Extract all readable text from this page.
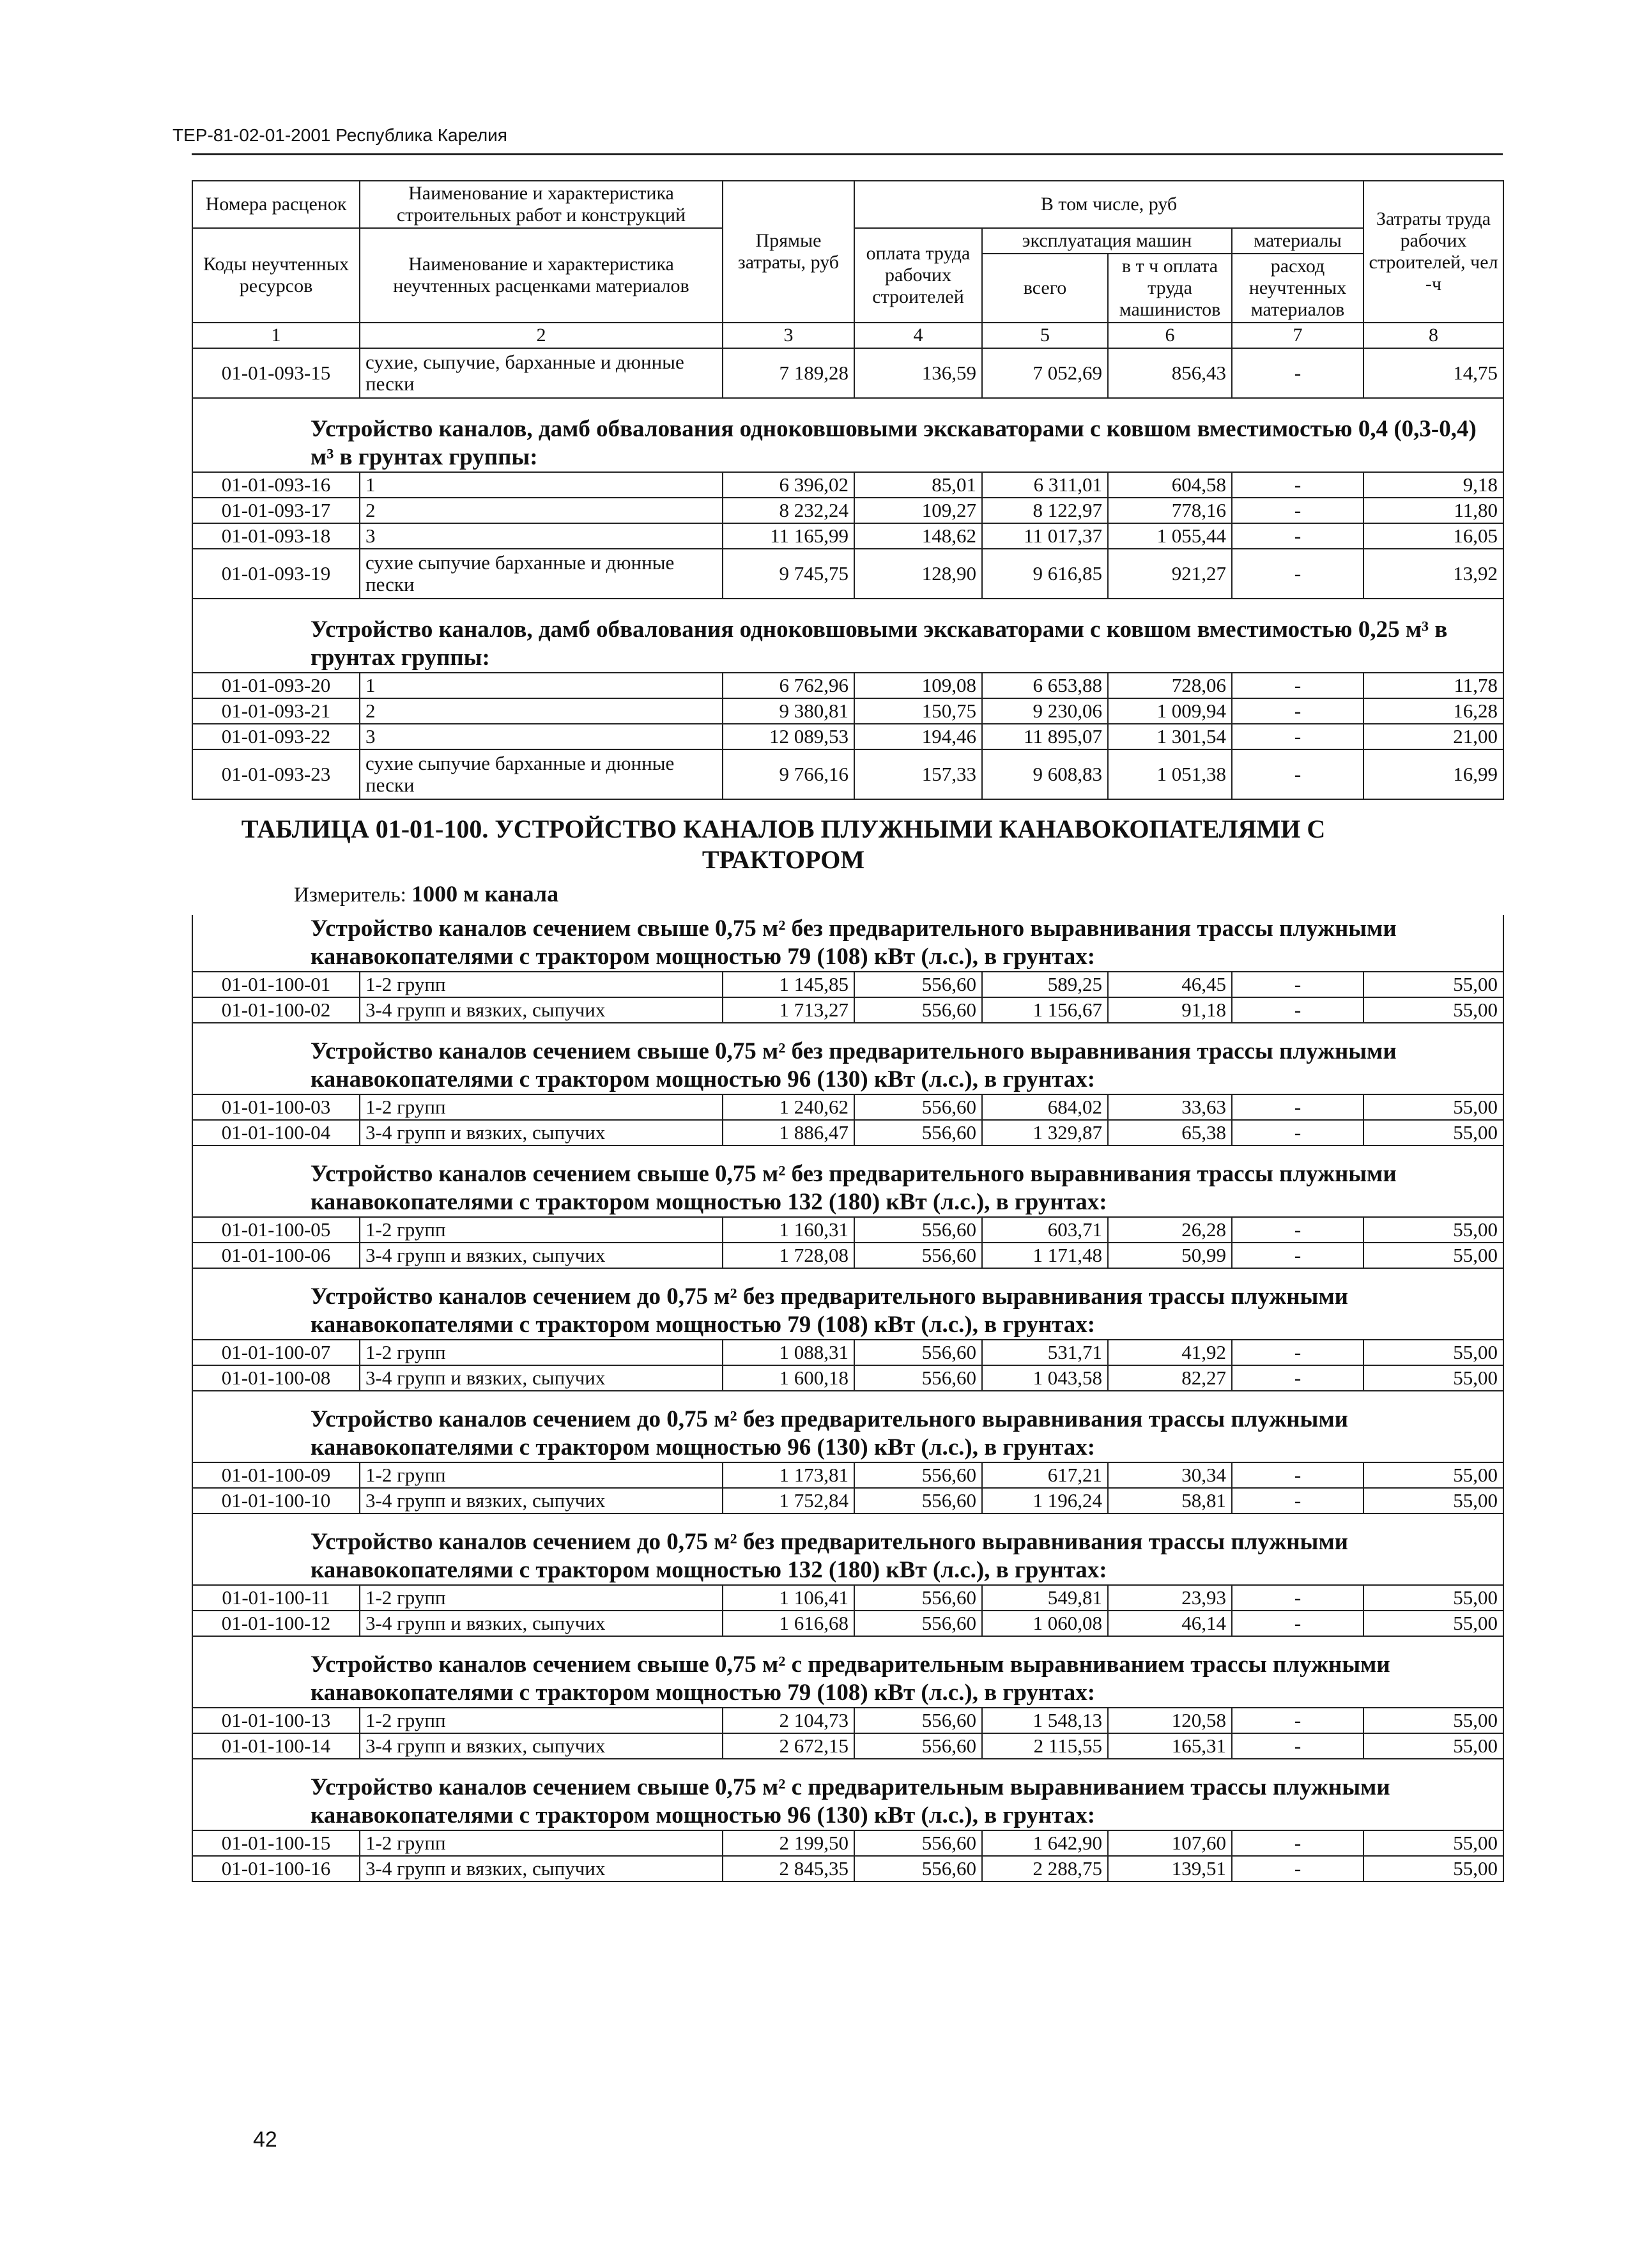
ТЕР-81-02-01-2001 Республика Карелия
Номера расценок	Наименование и характеристика строительных работ и конструкций	Прямые затраты, руб	В том числе, руб				Затраты труда рабочих строителей, чел -ч
Коды неучтенных ресурсов	Наименование и характеристика неучтенных расценками материалов		оплата труда рабочих строителей	эксплуатация машин		материалы	
				всего	в т ч оплата труда машинистов	расход неучтенных материалов	

1	2	3	4	5	6	7	8
01-01-093-15	сухие, сыпучие, барханные и дюнные пески	7 189,28	136,59	7 052,69	856,43	-	14,75
Устройство каналов, дамб обвалования одноковшовыми экскаваторами с ковшом вместимостью 0,4 (0,3-0,4) м³ в грунтах группы:							
01-01-093-16	1	6 396,02	85,01	6 311,01	604,58	-	9,18
01-01-093-17	2	8 232,24	109,27	8 122,97	778,16	-	11,80
01-01-093-18	3	11 165,99	148,62	11 017,37	1 055,44	-	16,05
01-01-093-19	сухие сыпучие барханные и дюнные пески	9 745,75	128,90	9 616,85	921,27	-	13,92
Устройство каналов, дамб обвалования одноковшовыми экскаваторами с ковшом вместимостью 0,25 м³ в грунтах группы:							
01-01-093-20	1	6 762,96	109,08	6 653,88	728,06	-	11,78
01-01-093-21	2	9 380,81	150,75	9 230,06	1 009,94	-	16,28
01-01-093-22	3	12 089,53	194,46	11 895,07	1 301,54	-	21,00
01-01-093-23	сухие сыпучие барханные и дюнные пески	9 766,16	157,33	9 608,83	1 051,38	-	16,99
ТАБЛИЦА 01-01-100. УСТРОЙСТВО КАНАЛОВ ПЛУЖНЫМИ КАНАВОКОПАТЕЛЯМИ С ТРАКТОРОМ
Измеритель: 1000 м канала
Устройство каналов сечением свыше 0,75 м² без предварительного выравнивания трассы плужными канавокопателями с трактором мощностью 79 (108) кВт (л.с.), в грунтах:							
01-01-100-01	1-2 групп	1 145,85	556,60	589,25	46,45	-	55,00
01-01-100-02	3-4 групп и вязких, сыпучих	1 713,27	556,60	1 156,67	91,18	-	55,00
Устройство каналов сечением свыше 0,75 м² без предварительного выравнивания трассы плужными канавокопателями с трактором мощностью 96 (130) кВт (л.с.), в грунтах:							
01-01-100-03	1-2 групп	1 240,62	556,60	684,02	33,63	-	55,00
01-01-100-04	3-4 групп и вязких, сыпучих	1 886,47	556,60	1 329,87	65,38	-	55,00
Устройство каналов сечением свыше 0,75 м² без предварительного выравнивания трассы плужными канавокопателями с трактором мощностью 132 (180) кВт (л.с.), в грунтах:							
01-01-100-05	1-2 групп	1 160,31	556,60	603,71	26,28	-	55,00
01-01-100-06	3-4 групп и вязких, сыпучих	1 728,08	556,60	1 171,48	50,99	-	55,00
Устройство каналов сечением до 0,75 м² без предварительного выравнивания трассы плужными канавокопателями с трактором мощностью 79 (108) кВт (л.с.), в грунтах:							
01-01-100-07	1-2 групп	1 088,31	556,60	531,71	41,92	-	55,00
01-01-100-08	3-4 групп и вязких, сыпучих	1 600,18	556,60	1 043,58	82,27	-	55,00
Устройство каналов сечением до 0,75 м² без предварительного выравнивания трассы плужными канавокопателями с трактором мощностью 96 (130) кВт (л.с.), в грунтах:							
01-01-100-09	1-2 групп	1 173,81	556,60	617,21	30,34	-	55,00
01-01-100-10	3-4 групп и вязких, сыпучих	1 752,84	556,60	1 196,24	58,81	-	55,00
Устройство каналов сечением до 0,75 м² без предварительного выравнивания трассы плужными канавокопателями с трактором мощностью 132 (180) кВт (л.с.), в грунтах:							
01-01-100-11	1-2 групп	1 106,41	556,60	549,81	23,93	-	55,00
01-01-100-12	3-4 групп и вязких, сыпучих	1 616,68	556,60	1 060,08	46,14	-	55,00
Устройство каналов сечением свыше 0,75 м² с предварительным выравниванием трассы плужными канавокопателями с трактором мощностью 79 (108) кВт (л.с.), в грунтах:							
01-01-100-13	1-2 групп	2 104,73	556,60	1 548,13	120,58	-	55,00
01-01-100-14	3-4 групп и вязких, сыпучих	2 672,15	556,60	2 115,55	165,31	-	55,00
Устройство каналов сечением свыше 0,75 м² с предварительным выравниванием трассы плужными канавокопателями с трактором мощностью 96 (130) кВт (л.с.), в грунтах:							
01-01-100-15	1-2 групп	2 199,50	556,60	1 642,90	107,60	-	55,00
01-01-100-16	3-4 групп и вязких, сыпучих	2 845,35	556,60	2 288,75	139,51	-	55,00
42
